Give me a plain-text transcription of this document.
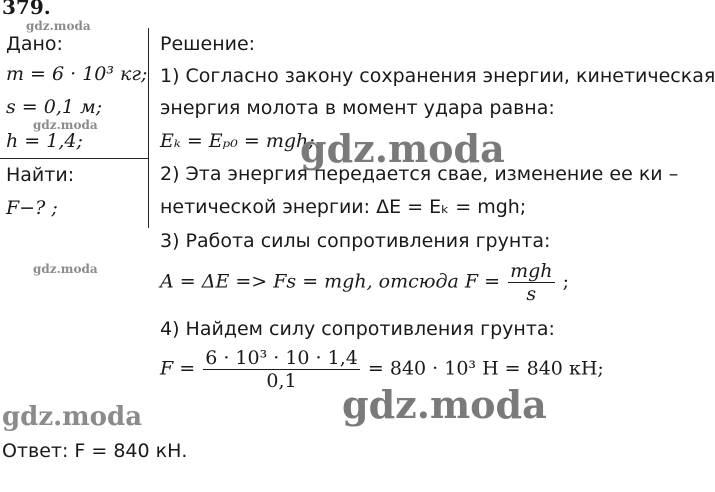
379.
Дано:
m = 6 · 10³ кг;
s = 0,1 м;
h = 1,4;
Найти:
F−? ;
Решение:
1) Согласно закону сохранения энергии, кинетическая
энергия молота в момент удара равна:
Eₖ = Eₚ₀ = mgh;
2) Эта энергия передается свае, изменение ее ки –
нетической энергии: ΔE = Eₖ = mgh;
3) Работа силы сопротивления грунта:
A = ΔE => Fs = mgh, отсюда $F = \frac{\text{mgh}}{s}$ ;
4) Найдем силу сопротивления грунта:
$F = \frac{\text{6 · 10³ · 10 · 1,4}}{0,1} = 840 \cdot 10^3$ Н = 840 кН;
Ответ: F = 840 кН.
gdz.moda
gdz.moda
gdz.moda
gdz.moda
gdz.moda
gdz.moda
